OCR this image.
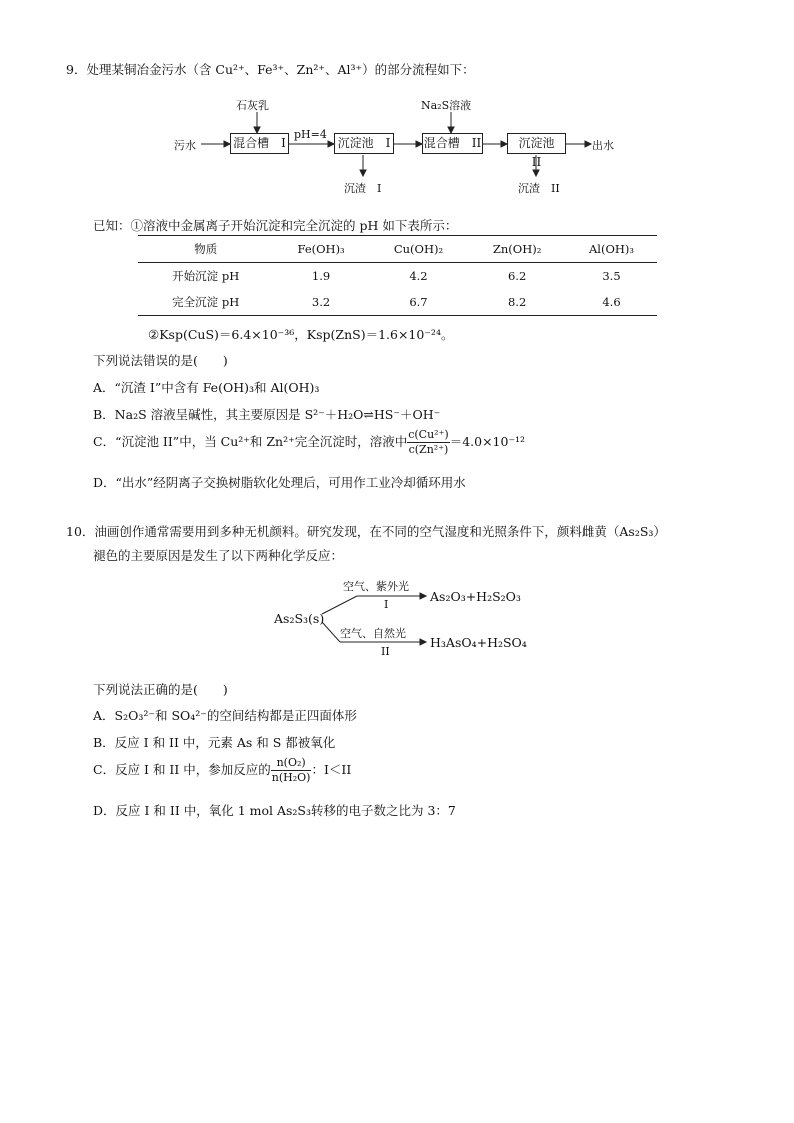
9．处理某铜冶金污水（含 Cu²⁺、Fe³⁺、Zn²⁺、Al³⁺）的部分流程如下：
石灰乳	Na₂S溶液
污水	混合槽　I
pH=4
沉淀池　I	混合槽　II	沉淀池　II
出水
沉渣　I	沉渣　II
已知：①溶液中金属离子开始沉淀和完全沉淀的 pH 如下表所示：
物质	Fe(OH)₃	Cu(OH)₂	Zn(OH)₂	Al(OH)₃
开始沉淀 pH	1.9	4.2	6.2	3.5
完全沉淀 pH	3.2	6.7	8.2	4.6
②Ksp(CuS)＝6.4×10⁻³⁶，Ksp(ZnS)＝1.6×10⁻²⁴。
下列说法错误的是(　　)
A．“沉渣 I”中含有 Fe(OH)₃和 Al(OH)₃
B．Na₂S 溶液呈碱性，其主要原因是 S²⁻＋H₂O⇌HS⁻＋OH⁻
C．“沉淀池 II”中，当 Cu²⁺和 Zn²⁺完全沉淀时，溶液中 $\frac{\text{c(Cu²⁺)}}{\text{c(Zn²⁺)}} =4.0\times 10^{-12}$
D．“出水”经阴离子交换树脂软化处理后，可用作工业冷却循环用水
10．油画创作通常需要用到多种无机颜料。研究发现，在不同的空气湿度和光照条件下，颜料雌黄（As₂S₃）
褪色的主要原因是发生了以下两种化学反应：
As₂S₃(s)
空气、紫外光
I
As₂O₃+H₂S₂O₃
空气、自然光
II
H₃AsO₄+H₂SO₄
下列说法正确的是(　　)
A．S₂O₃²⁻和 SO₄²⁻的空间结构都是正四面体形
B．反应 I 和 II 中，元素 As 和 S 都被氧化
C．反应 I 和 II 中，参加反应的 $\frac{\text{n(O₂)}}{\text{n(H₂O)}}$ ：I＜II
D．反应 I 和 II 中，氧化 1 mol As₂S₃转移的电子数之比为 3：7
